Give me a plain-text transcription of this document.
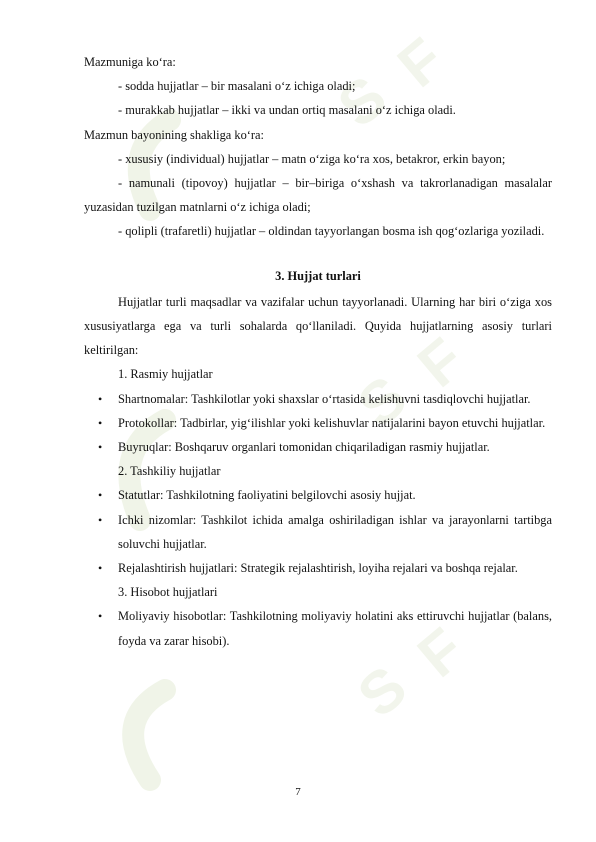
S
F
S
F
S
F

Mazmuniga ko‘ra:

- sodda hujjatlar – bir masalani o‘z ichiga oladi;

- murakkab hujjatlar – ikki va undan ortiq masalani o‘z ichiga oladi.

Mazmun bayonining shakliga ko‘ra:

- xususiy (individual) hujjatlar – matn o‘ziga ko‘ra xos, betakror, erkin bayon;

- namunali (tipovoy) hujjatlar – bir–biriga o‘xshash va takrorlanadigan masalalar yuzasidan tuzilgan matnlarni o‘z ichiga oladi;

- qolipli (trafaretli) hujjatlar – oldindan tayyorlangan bosma ish qog‘ozlariga yoziladi.

3. Hujjat turlari

Hujjatlar turli maqsadlar va vazifalar uchun tayyorlanadi. Ularning har biri o‘ziga xos xususiyatlarga ega va turli sohalarda qo‘llaniladi. Quyida hujjatlarning asosiy turlari keltirilgan:

1. Rasmiy hujjatlar

• Shartnomalar: Tashkilotlar yoki shaxslar o‘rtasida kelishuvni tasdiqlovchi hujjatlar.
• Protokollar: Tadbirlar, yig‘ilishlar yoki kelishuvlar natijalarini bayon etuvchi hujjatlar.
• Buyruqlar: Boshqaruv organlari tomonidan chiqariladigan rasmiy hujjatlar.

2. Tashkiliy hujjatlar

• Statutlar: Tashkilotning faoliyatini belgilovchi asosiy hujjat.
• Ichki nizomlar: Tashkilot ichida amalga oshiriladigan ishlar va jarayonlarni tartibga soluvchi hujjatlar.
• Rejalashtirish hujjatlari: Strategik rejalashtirish, loyiha rejalari va boshqa rejalar.

3. Hisobot hujjatlari

• Moliyaviy hisobotlar: Tashkilotning moliyaviy holatini aks ettiruvchi hujjatlar (balans, foyda va zarar hisobi).
7
